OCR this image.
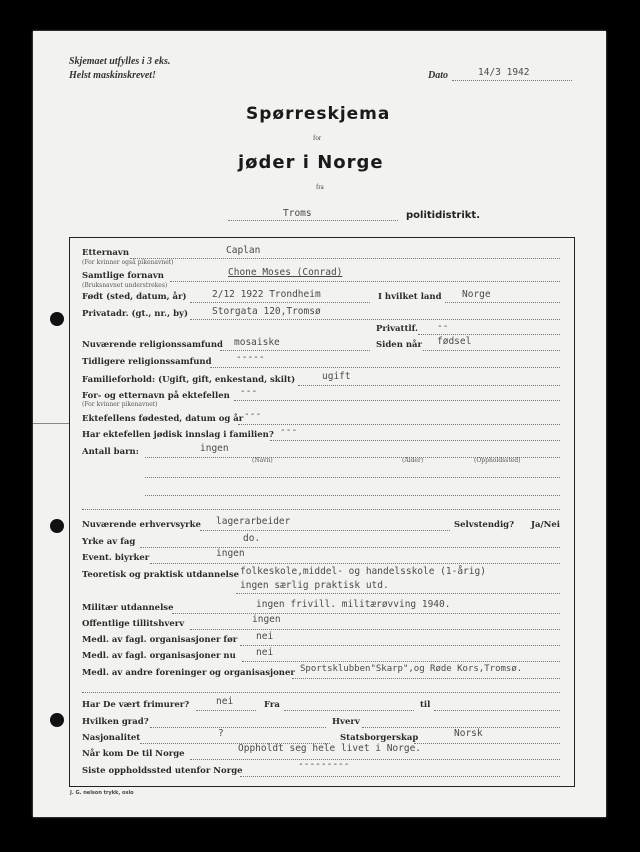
Skjemaet utfylles i 3 eks.
Helst maskinskrevet!	Dato	14/3 1942
Spørreskjema
for
jøder i Norge
fra
Troms	politidistrikt.
Etternavn
(For kvinner også pikenavnet)
Caplan
Samtlige fornavn
(Bruksnavnet understrekes)
Chone Moses (Conrad)
Født (sted, datum, år)	2/12 1922 Trondheim	I hvilket land Norge
Privatadr. (gt., nr., by)	Storgata 120,Tromsø
Privattlf. --
Nuværende religionssamfund mosaiske	Siden når fødsel
Tidligere religionssamfund	-----
Familieforhold: (Ugift, gift, enkestand, skilt)	ugift
For- og etternavn på ektefellen
(For kvinner pikenavnet)
---
Ektefellens fødested, datum og år ---
Har ektefellen jødisk innslag i familien? ---
Antall barn:	ingen
(Navn)	(Alder)	(Oppholdssted)
Nuværende erhvervsyrke lagerarbeider	Selvstendig? Ja/Nei
Yrke av fag	do.
Event. biyrker	ingen
Teoretisk og praktisk utdannelse folkeskole,middel- og handelsskole (1-årig)
ingen særlig praktisk utd.
Militær utdannelse	ingen frivill. militærøvving 1940.
Offentlige tillitshverv	ingen
Medl. av fagl. organisasjoner før nei
Medl. av fagl. organisasjoner nu nei
Medl. av andre foreninger og organisasjoner Sportsklubben"Skarp",og Røde Kors,Tromsø.
Har De vært frimurer?	nei	Fra	til
Hvilken grad?	Hverv
Nasjonalitet	?	Statsborgerskap	Norsk
Når kom De til Norge	Oppholdt seg hele livet i Norge.
Siste oppholdssted utenfor Norge
---------
J. G. nelson trykk, oslo
